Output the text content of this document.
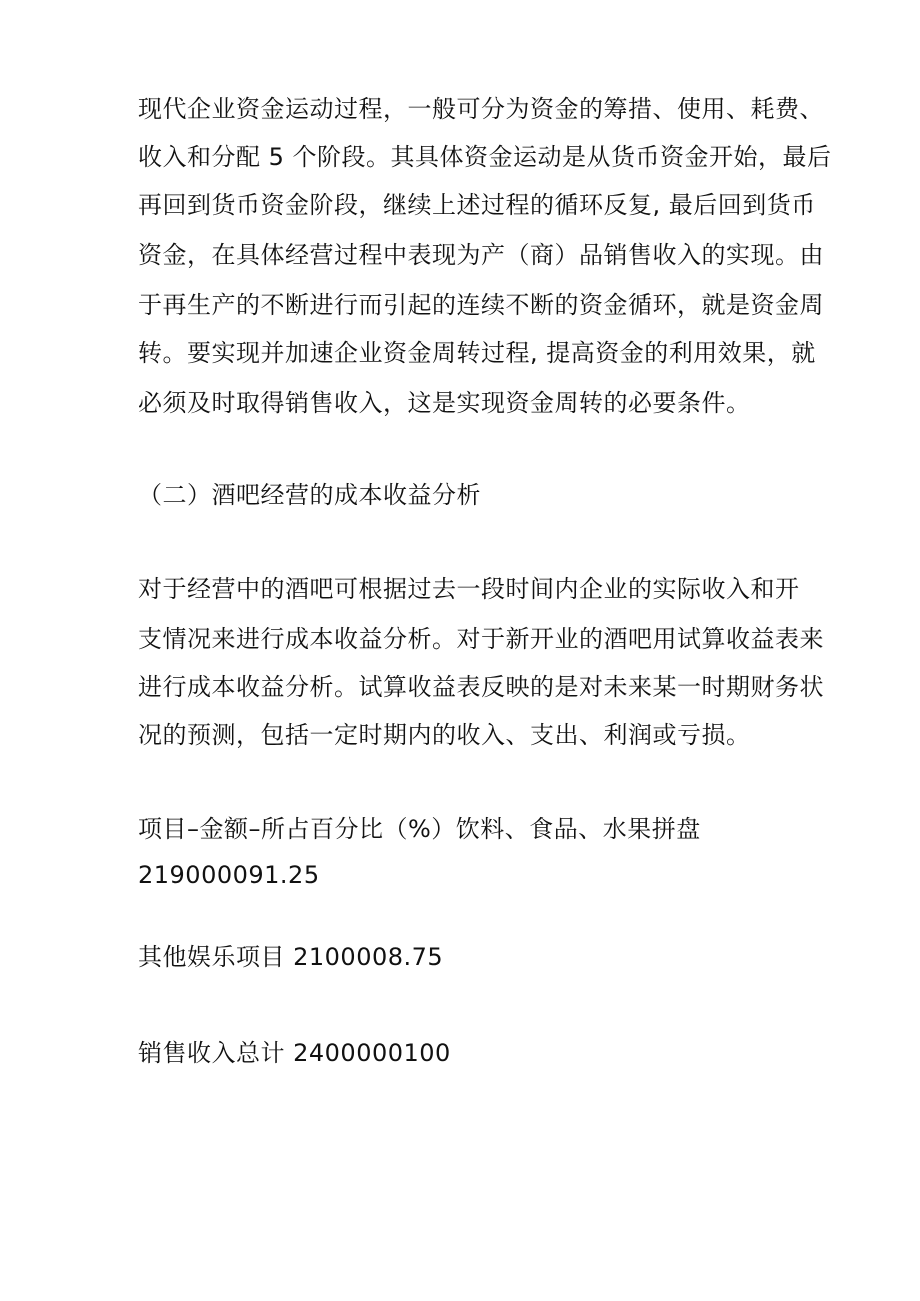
现代企业资金运动过程，一般可分为资金的筹措、使用、耗费、
收入和分配 5 个阶段。其具体资金运动是从货币资金开始，最后
再回到货币资金阶段，继续上述过程的循环反复, 最后回到货币
资金，在具体经营过程中表现为产（商）品销售收入的实现。由
于再生产的不断进行而引起的连续不断的资金循环，就是资金周
转。要实现并加速企业资金周转过程, 提高资金的利用效果，就
必须及时取得销售收入，这是实现资金周转的必要条件。
（二）酒吧经营的成本收益分析
对于经营中的酒吧可根据过去一段时间内企业的实际收入和开
支情况来进行成本收益分析。对于新开业的酒吧用试算收益表来
进行成本收益分析。试算收益表反映的是对未来某一时期财务状
况的预测，包括一定时期内的收入、支出、利润或亏损。
项目–金额–所占百分比（%）饮料、食品、水果拼盘
219000091.25
其他娱乐项目 2100008.75
销售收入总计 2400000100
